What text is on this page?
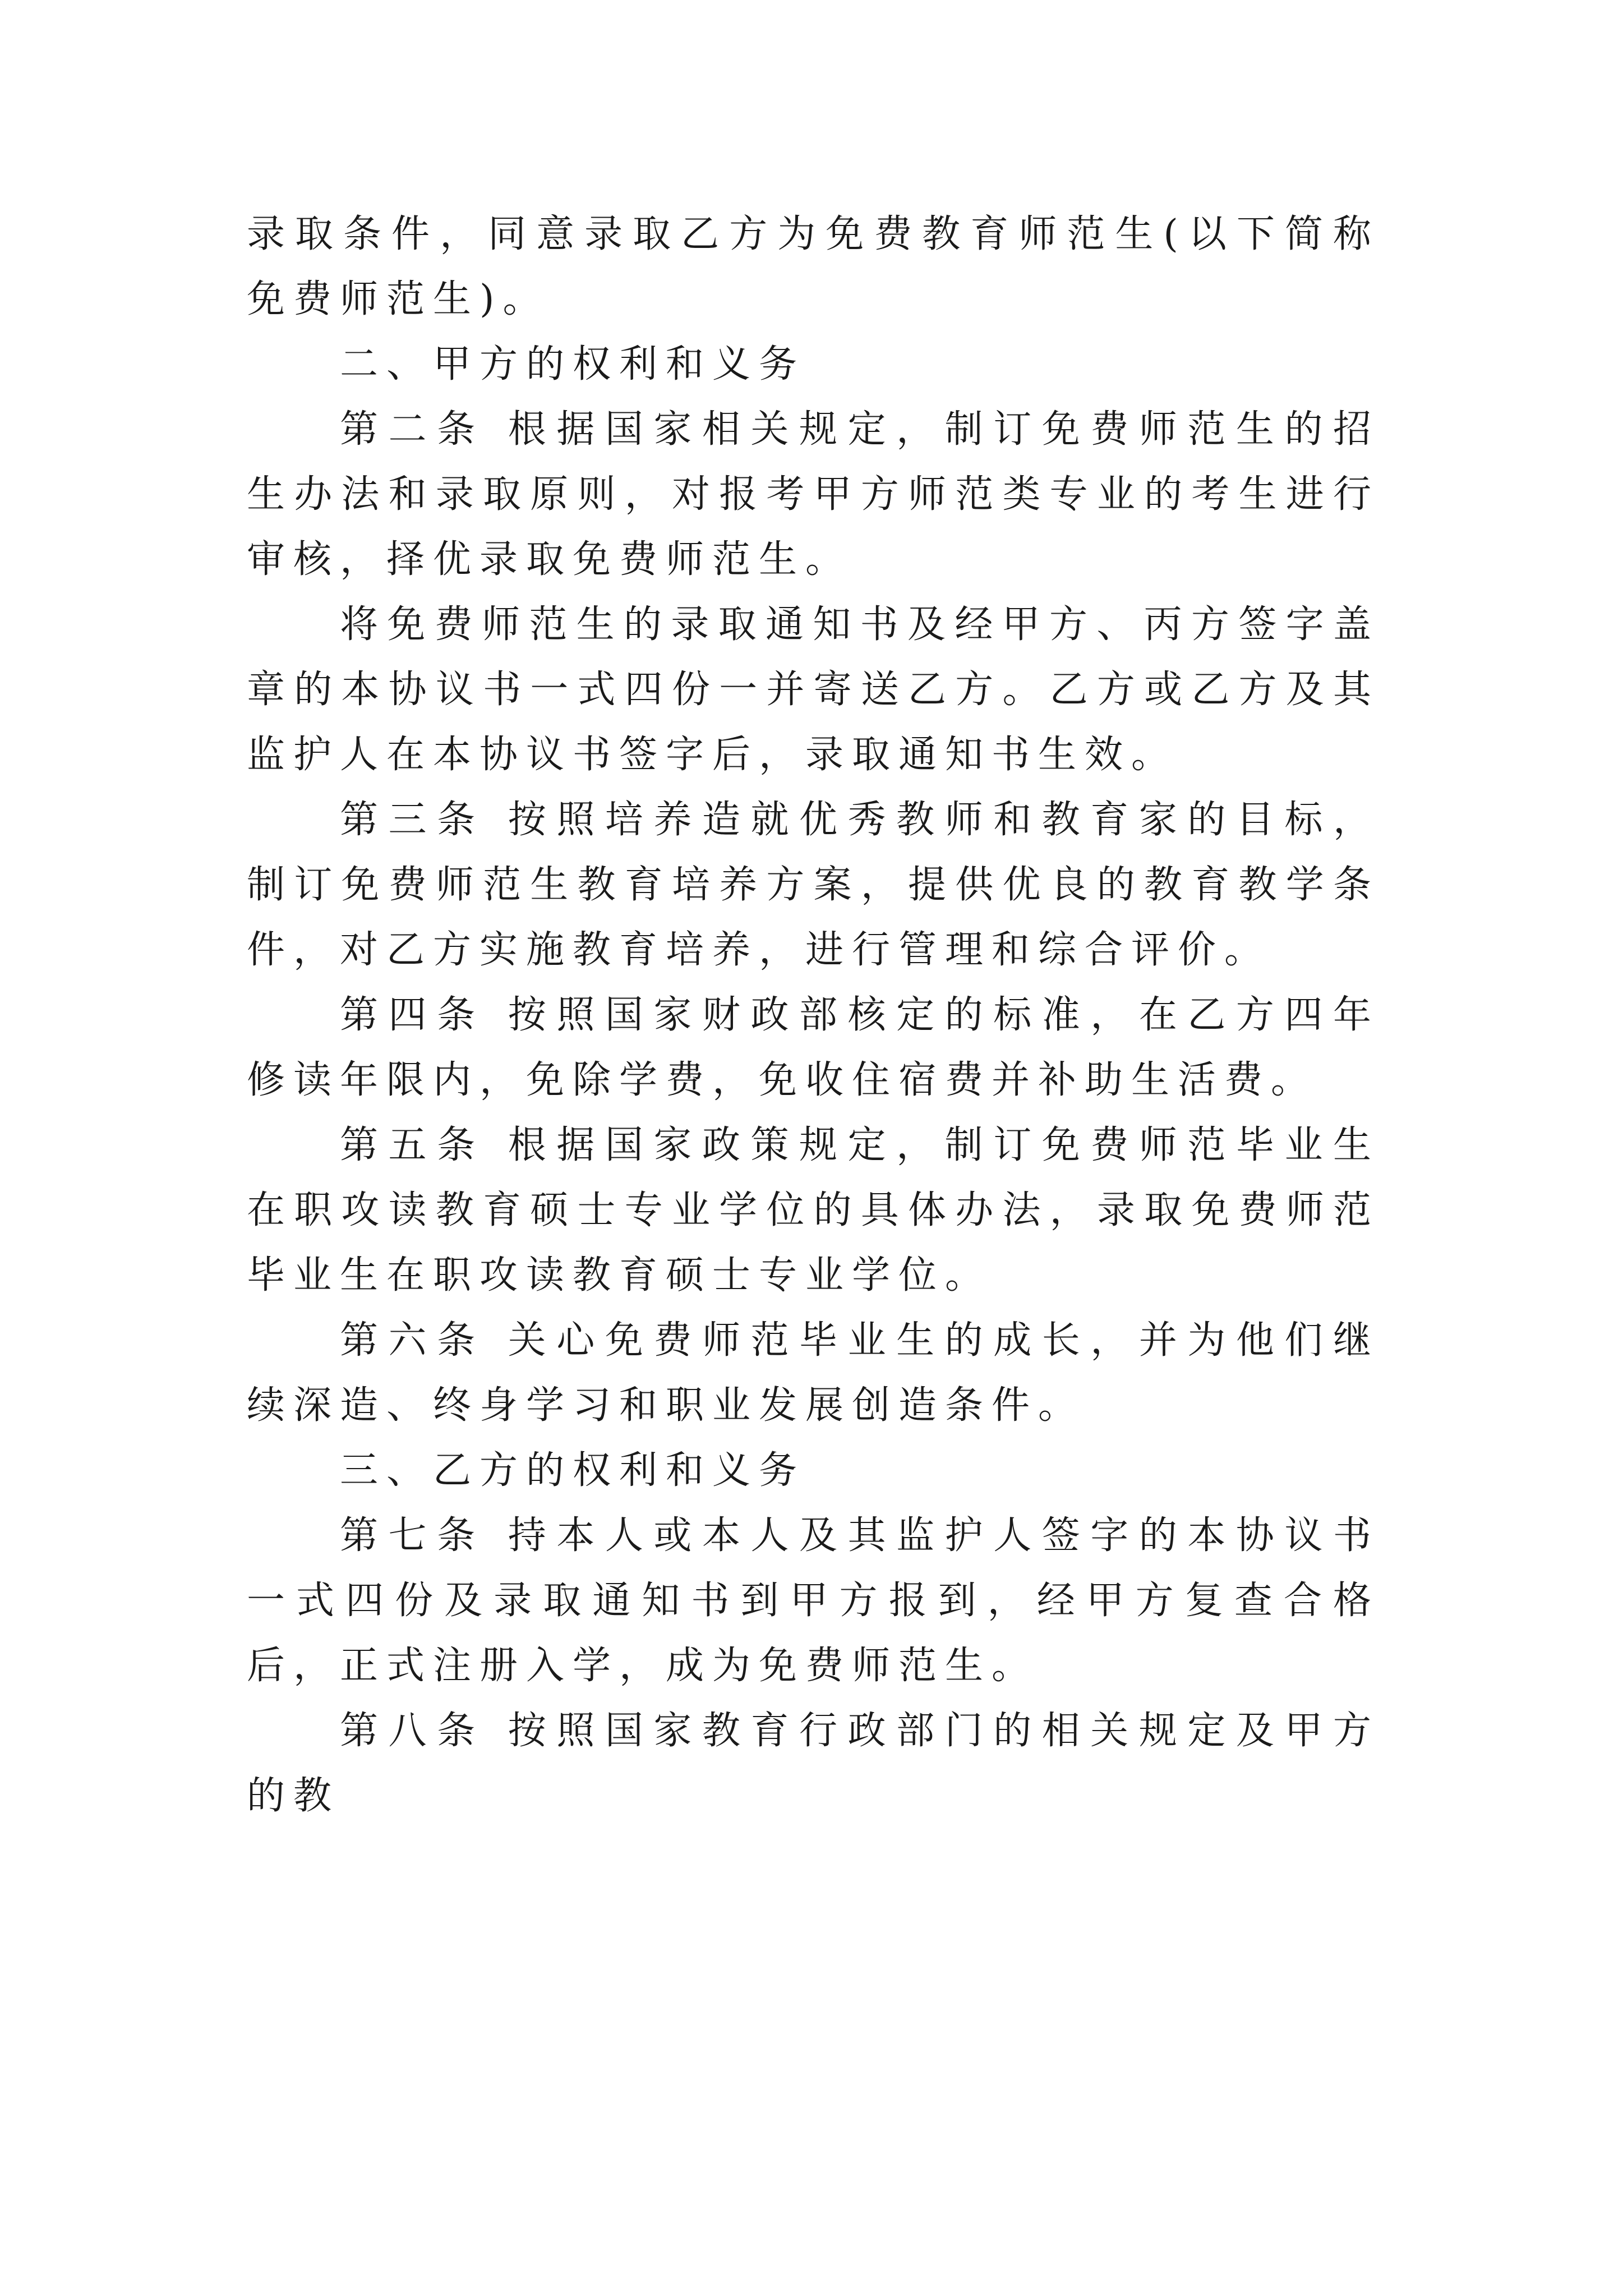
录取条件，同意录取乙方为免费教育师范生(以下简称免费师范生)。

二、甲方的权利和义务

第二条 根据国家相关规定，制订免费师范生的招生办法和录取原则，对报考甲方师范类专业的考生进行审核，择优录取免费师范生。

将免费师范生的录取通知书及经甲方、丙方签字盖章的本协议书一式四份一并寄送乙方。乙方或乙方及其监护人在本协议书签字后，录取通知书生效。

第三条 按照培养造就优秀教师和教育家的目标，制订免费师范生教育培养方案，提供优良的教育教学条件，对乙方实施教育培养，进行管理和综合评价。

第四条 按照国家财政部核定的标准，在乙方四年修读年限内，免除学费，免收住宿费并补助生活费。

第五条 根据国家政策规定，制订免费师范毕业生在职攻读教育硕士专业学位的具体办法，录取免费师范毕业生在职攻读教育硕士专业学位。

第六条 关心免费师范毕业生的成长，并为他们继续深造、终身学习和职业发展创造条件。

三、乙方的权利和义务

第七条 持本人或本人及其监护人签字的本协议书一式四份及录取通知书到甲方报到，经甲方复查合格后，正式注册入学，成为免费师范生。

第八条 按照国家教育行政部门的相关规定及甲方的教
